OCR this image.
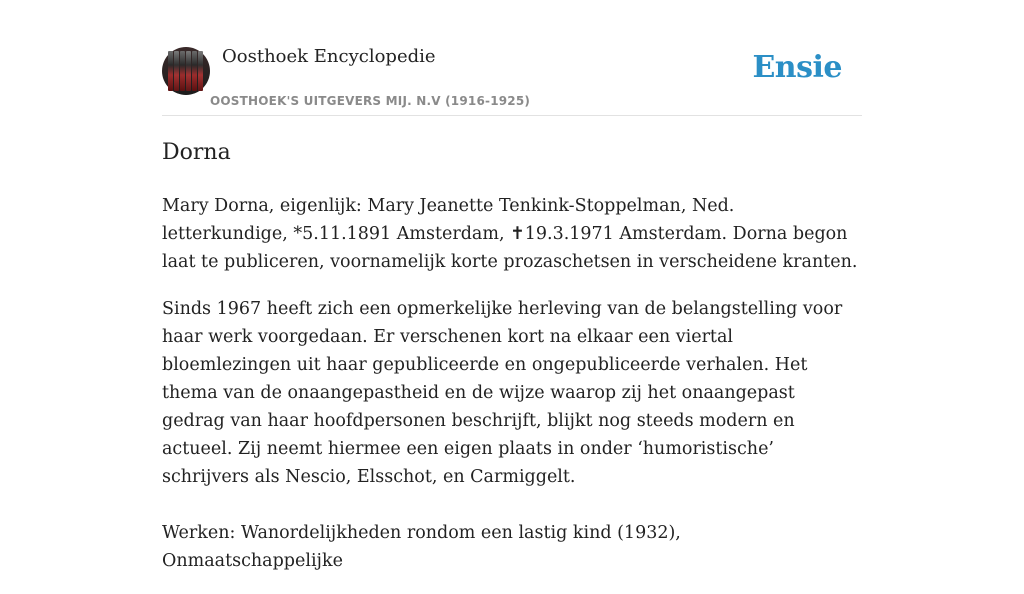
Oosthoek Encyclopedie
OOSTHOEK'S UITGEVERS MIJ. N.V (1916-1925)
Ensie
Dorna

Mary Dorna, eigenlijk: Mary Jeanette Tenkink-Stoppelman, Ned. letterkundige, *5.11.1891 Amsterdam, ✝19.3.1971 Amsterdam. Dorna begon laat te publiceren, voornamelijk korte prozaschetsen in verscheidene kranten.

Sinds 1967 heeft zich een opmerkelijke herleving van de belangstelling voor haar werk voorgedaan. Er verschenen kort na elkaar een viertal bloemlezingen uit haar gepubliceerde en ongepubliceerde verhalen. Het thema van de onaangepastheid en de wijze waarop zij het onaangepast gedrag van haar hoofdpersonen beschrijft, blijkt nog steeds modern en actueel. Zij neemt hiermee een eigen plaats in onder ‘humoristische’ schrijvers als Nescio, Elsschot, en Carmiggelt.

Werken: Wanordelijkheden rondom een lastig kind (1932), Onmaatschappelijke
